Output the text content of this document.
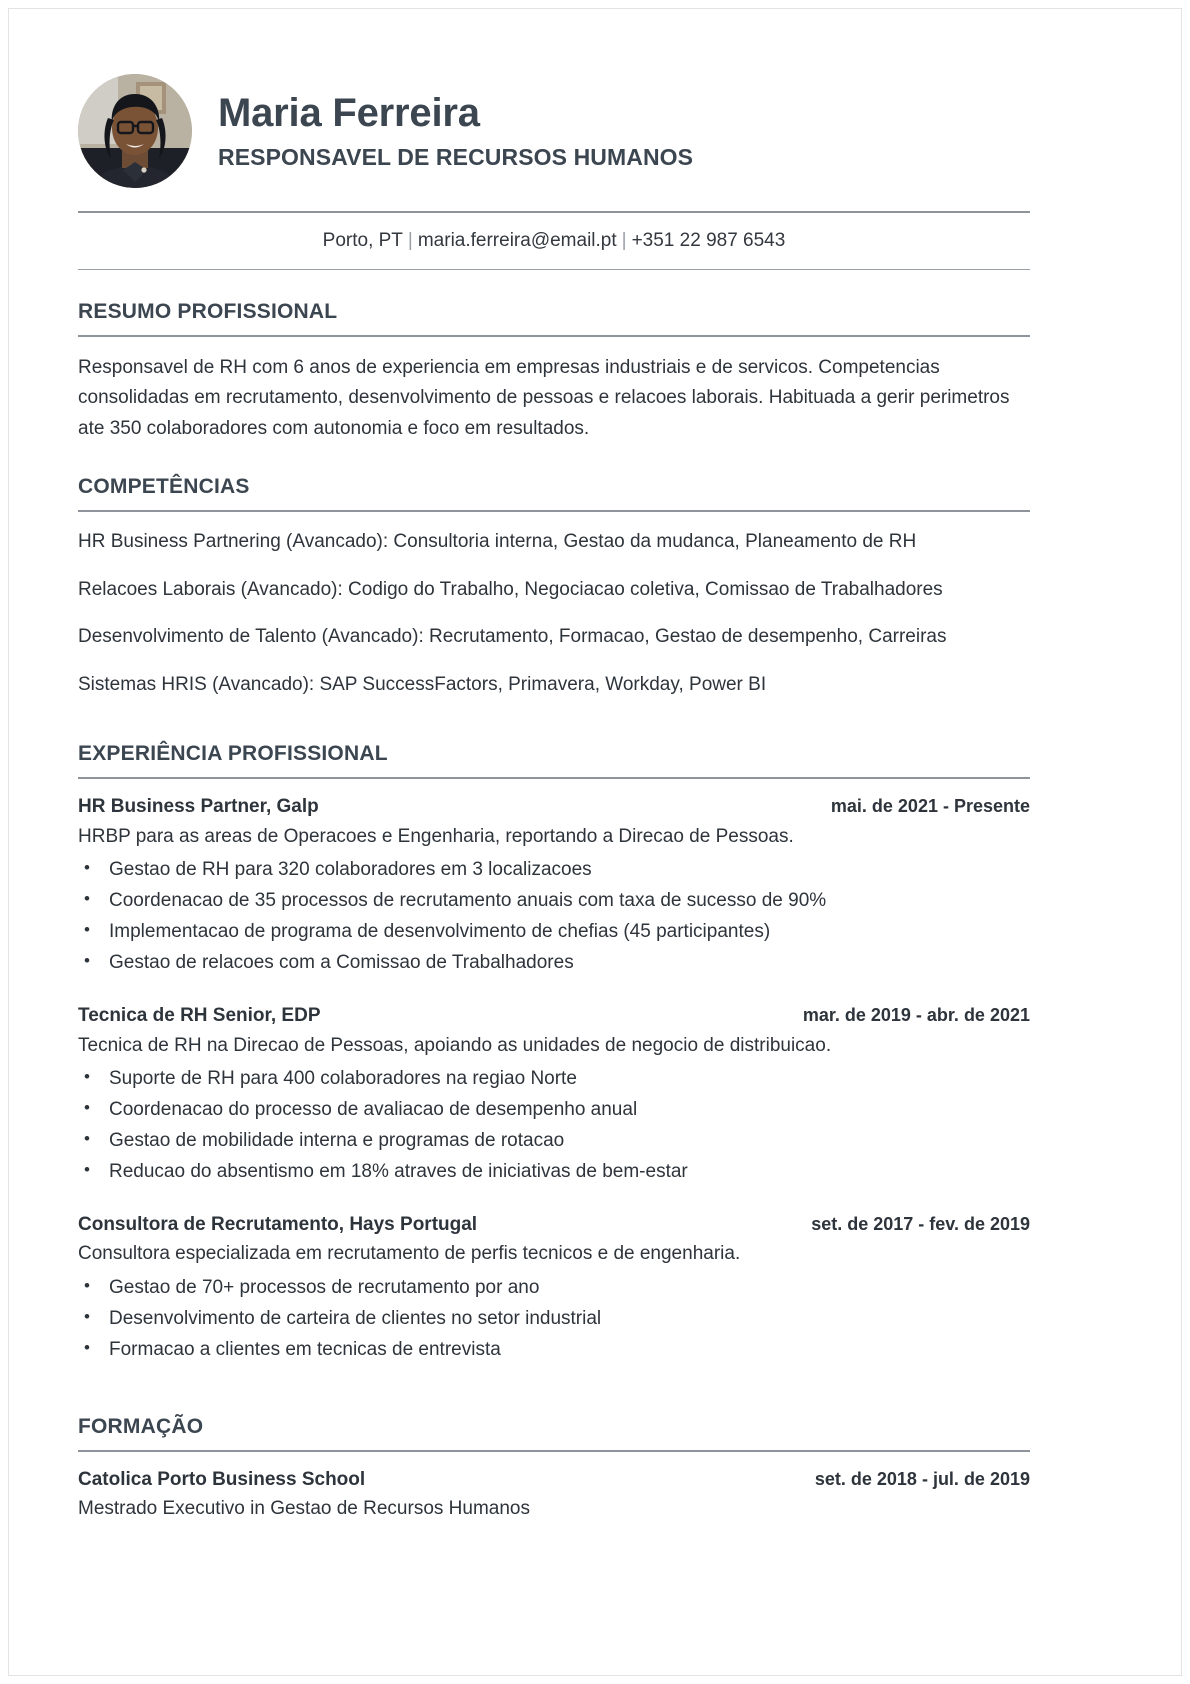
Maria Ferreira
RESPONSAVEL DE RECURSOS HUMANOS
Porto, PT | maria.ferreira@email.pt | +351 22 987 6543
RESUMO PROFISSIONAL

Responsavel de RH com 6 anos de experiencia em empresas industriais e de servicos. Competencias consolidadas em recrutamento, desenvolvimento de pessoas e relacoes laborais. Habituada a gerir perimetros ate 350 colaboradores com autonomia e foco em resultados.

COMPETÊNCIAS
HR Business Partnering (Avancado): Consultoria interna, Gestao da mudanca, Planeamento de RH
Relacoes Laborais (Avancado): Codigo do Trabalho, Negociacao coletiva, Comissao de Trabalhadores
Desenvolvimento de Talento (Avancado): Recrutamento, Formacao, Gestao de desempenho, Carreiras
Sistemas HRIS (Avancado): SAP SuccessFactors, Primavera, Workday, Power BI
EXPERIÊNCIA PROFISSIONAL
HR Business Partner, Galp	mai. de 2021 - Presente
HRBP para as areas de Operacoes e Engenharia, reportando a Direcao de Pessoas.
• Gestao de RH para 320 colaboradores em 3 localizacoes
• Coordenacao de 35 processos de recrutamento anuais com taxa de sucesso de 90%
• Implementacao de programa de desenvolvimento de chefias (45 participantes)
• Gestao de relacoes com a Comissao de Trabalhadores
Tecnica de RH Senior, EDP	mar. de 2019 - abr. de 2021
Tecnica de RH na Direcao de Pessoas, apoiando as unidades de negocio de distribuicao.
• Suporte de RH para 400 colaboradores na regiao Norte
• Coordenacao do processo de avaliacao de desempenho anual
• Gestao de mobilidade interna e programas de rotacao
• Reducao do absentismo em 18% atraves de iniciativas de bem-estar
Consultora de Recrutamento, Hays Portugal	set. de 2017 - fev. de 2019
Consultora especializada em recrutamento de perfis tecnicos e de engenharia.
• Gestao de 70+ processos de recrutamento por ano
• Desenvolvimento de carteira de clientes no setor industrial
• Formacao a clientes em tecnicas de entrevista
FORMAÇÃO
Catolica Porto Business School	set. de 2018 - jul. de 2019
Mestrado Executivo in Gestao de Recursos Humanos
